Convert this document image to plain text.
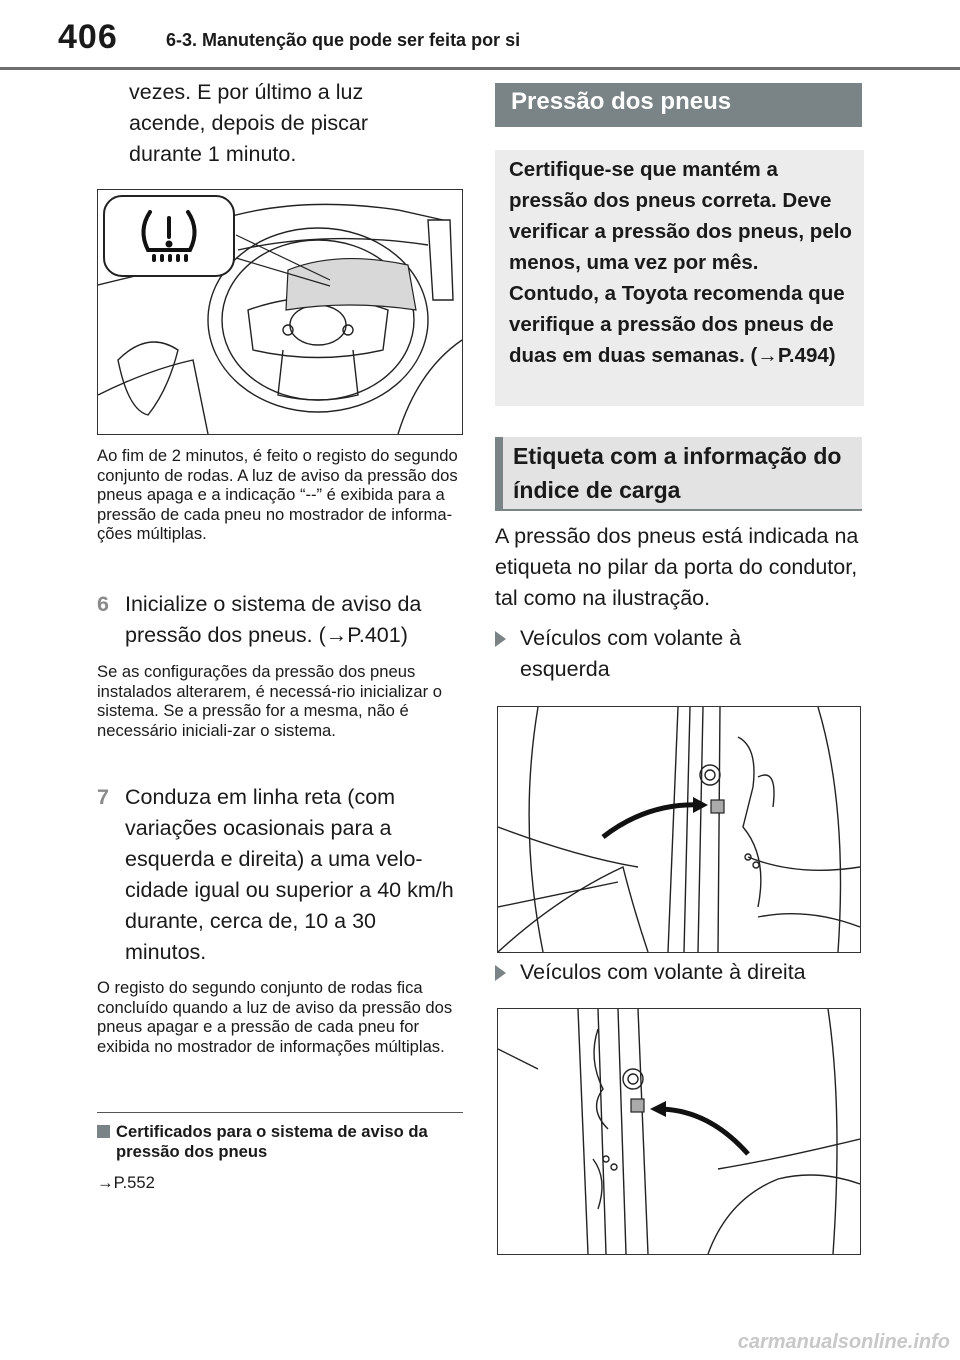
406	6-3. Manutenção que pode ser feita por si
vezes. E por último a luz acende, depois de piscar durante 1 minuto.
Ao fim de 2 minutos, é feito o registo do segundo conjunto de rodas. A luz de aviso da pressão dos pneus apaga e a indicação “--” é exibida para a pressão de cada pneu no mostrador de informa-ções múltiplas.
6 Inicialize o sistema de aviso da pressão dos pneus. (→P.401)
Se as configurações da pressão dos pneus instalados alterarem, é necessá-rio inicializar o sistema. Se a pressão for a mesma, não é necessário iniciali-zar o sistema.
7 Conduza em linha reta (com variações ocasionais para a esquerda e direita) a uma velo-cidade igual ou superior a 40 km/h durante, cerca de, 10 a 30 minutos.
O registo do segundo conjunto de rodas fica concluído quando a luz de aviso da pressão dos pneus apagar e a pressão de cada pneu for exibida no mostrador de informações múltiplas.
Certificados para o sistema de aviso da pressão dos pneus
→P.552
Pressão dos pneus
Certifique-se que mantém a pressão dos pneus correta. Deve verificar a pressão dos pneus, pelo menos, uma vez por mês. Contudo, a Toyota recomenda que verifique a pressão dos pneus de duas em duas semanas. (→P.494)
Etiqueta com a informação do índice de carga
A pressão dos pneus está indicada na etiqueta no pilar da porta do condutor, tal como na ilustração.
Veículos com volante à esquerda
Veículos com volante à direita
carmanualsonline.info
